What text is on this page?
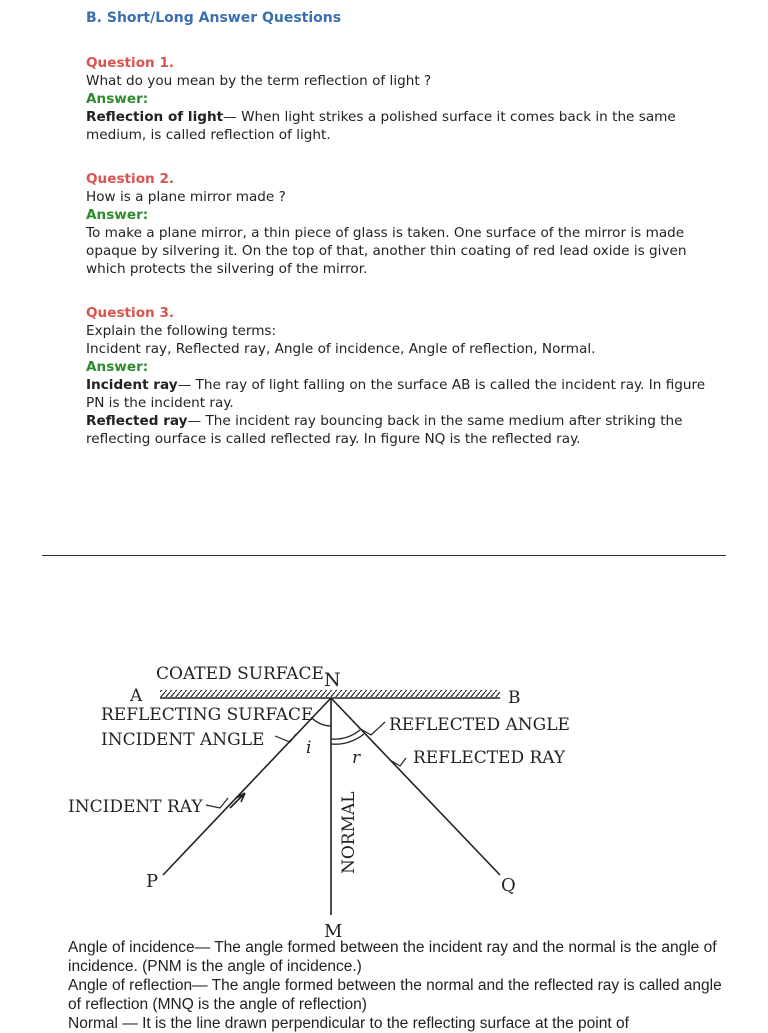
B. Short/Long Answer Questions

Question 1.

What do you mean by the term reflection of light ?

Answer:

Reflection of light— When light strikes a polished surface it comes back in the same medium, is called reflection of light.

Question 2.

How is a plane mirror made ?

Answer:

To make a plane mirror, a thin piece of glass is taken. One surface of the mirror is made opaque by silvering it. On the top of that, another thin coating of red lead oxide is given which protects the silvering of the mirror.

Question 3.

Explain the following terms:

Incident ray, Reflected ray, Angle of incidence, Angle of reflection, Normal.

Answer:

Incident ray— The ray of light falling on the surface AB is called the incident ray. In figure PN is the incident ray.

Reflected ray— The incident ray bouncing back in the same medium after striking the reflecting ourface is called reflected ray. In figure NQ is the reflected ray.

COATED SURFACE N
A	B
REFLECTING SURFACE
INCIDENT ANGLE
REFLECTED ANGLE
REFLECTED RAY
INCIDENT RAY
i r
NORMAL
P	Q
M

Angle of incidence— The angle formed between the incident ray and the normal is the angle of incidence. (PNM is the angle of incidence.)

Angle of reflection— The angle formed between the normal and the reflected ray is called angle of reflection (MNQ is the angle of reflection)

Normal — It is the line drawn perpendicular to the reflecting surface at the point of
